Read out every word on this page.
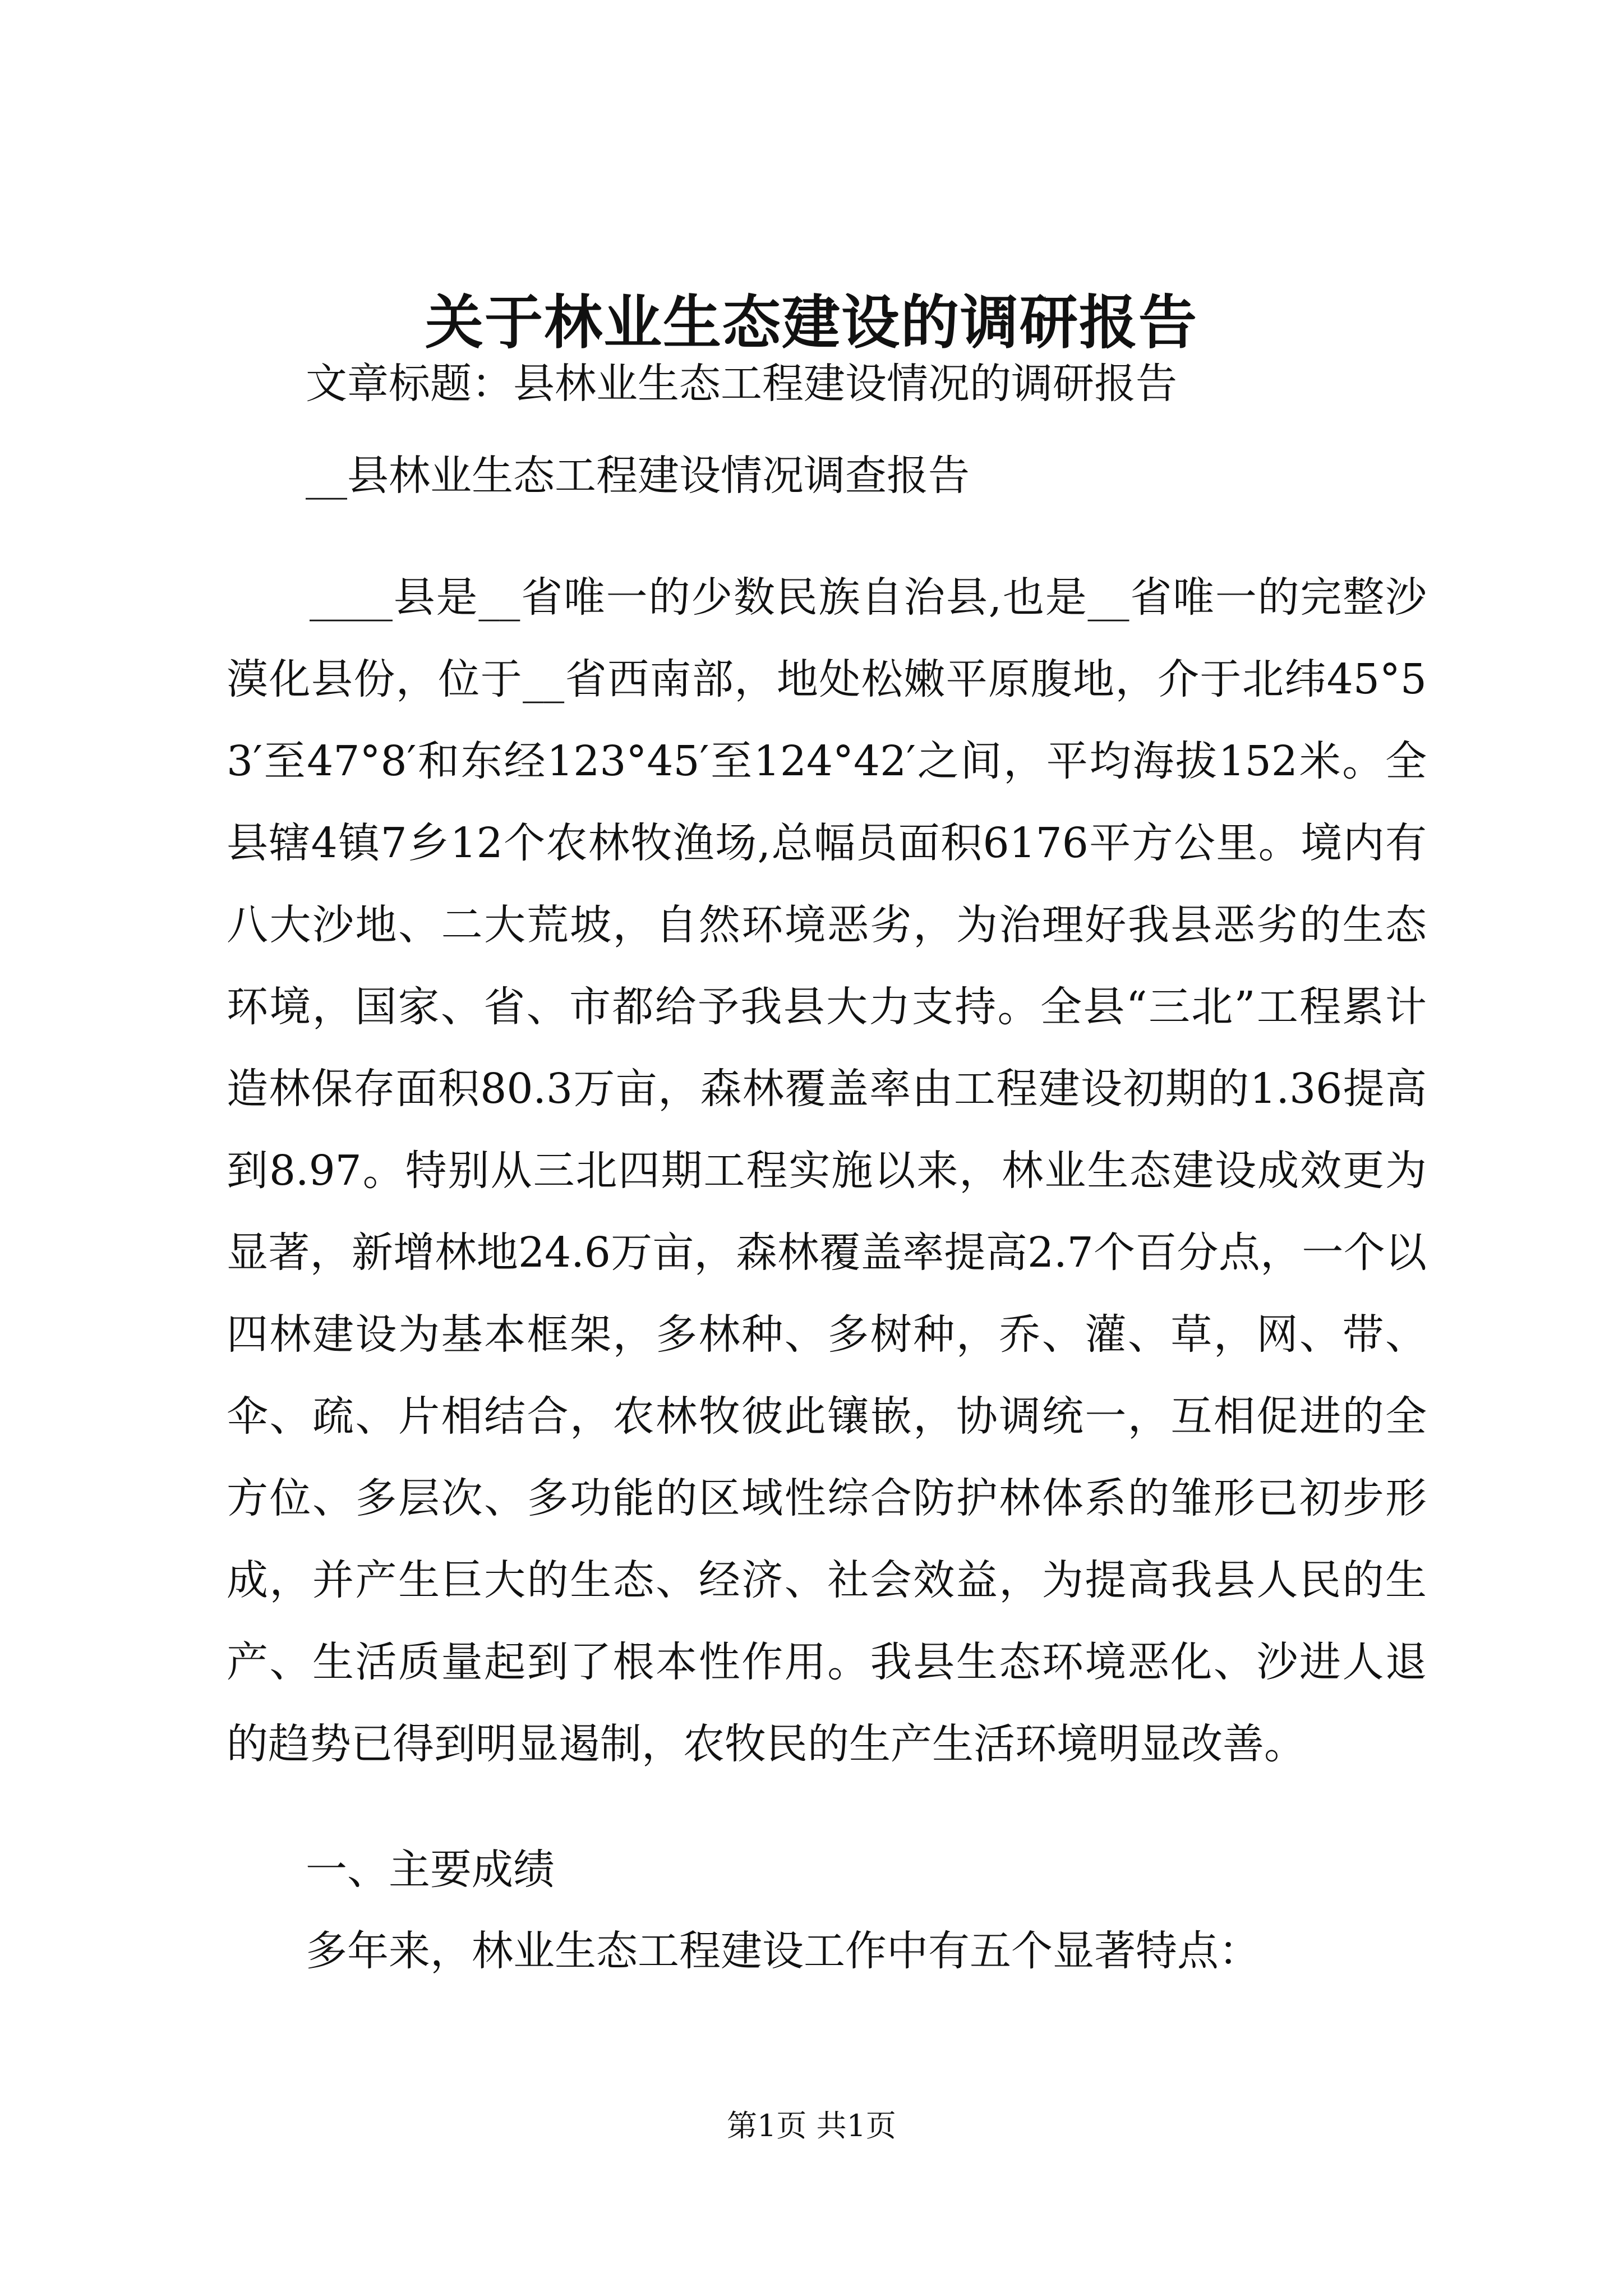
关于林业生态建设的调研报告

文章标题：县林业生态工程建设情况的调研报告

__县林业生态工程建设情况调查报告

____县是__省唯一的少数民族自治县,也是__省唯一的完整沙漠化县份，位于__省西南部，地处松嫩平原腹地，介于北纬45°53′至47°8′和东经123°45′至124°42′之间，平均海拔152米。全县辖4镇7乡12个农林牧渔场,总幅员面积6176平方公里。境内有八大沙地、二大荒坡，自然环境恶劣，为治理好我县恶劣的生态环境，国家、省、市都给予我县大力支持。全县“三北”工程累计造林保存面积80.3万亩，森林覆盖率由工程建设初期的1.36提高到8.97。特别从三北四期工程实施以来，林业生态建设成效更为显著，新增林地24.6万亩，森林覆盖率提高2.7个百分点，一个以四林建设为基本框架，多林种、多树种，乔、灌、草，网、带、伞、疏、片相结合，农林牧彼此镶嵌，协调统一，互相促进的全方位、多层次、多功能的区域性综合防护林体系的雏形已初步形成，并产生巨大的生态、经济、社会效益，为提高我县人民的生产、生活质量起到了根本性作用。我县生态环境恶化、沙进人退的趋势已得到明显遏制，农牧民的生产生活环境明显改善。

一、主要成绩

多年来，林业生态工程建设工作中有五个显著特点：

第1页 共1页
